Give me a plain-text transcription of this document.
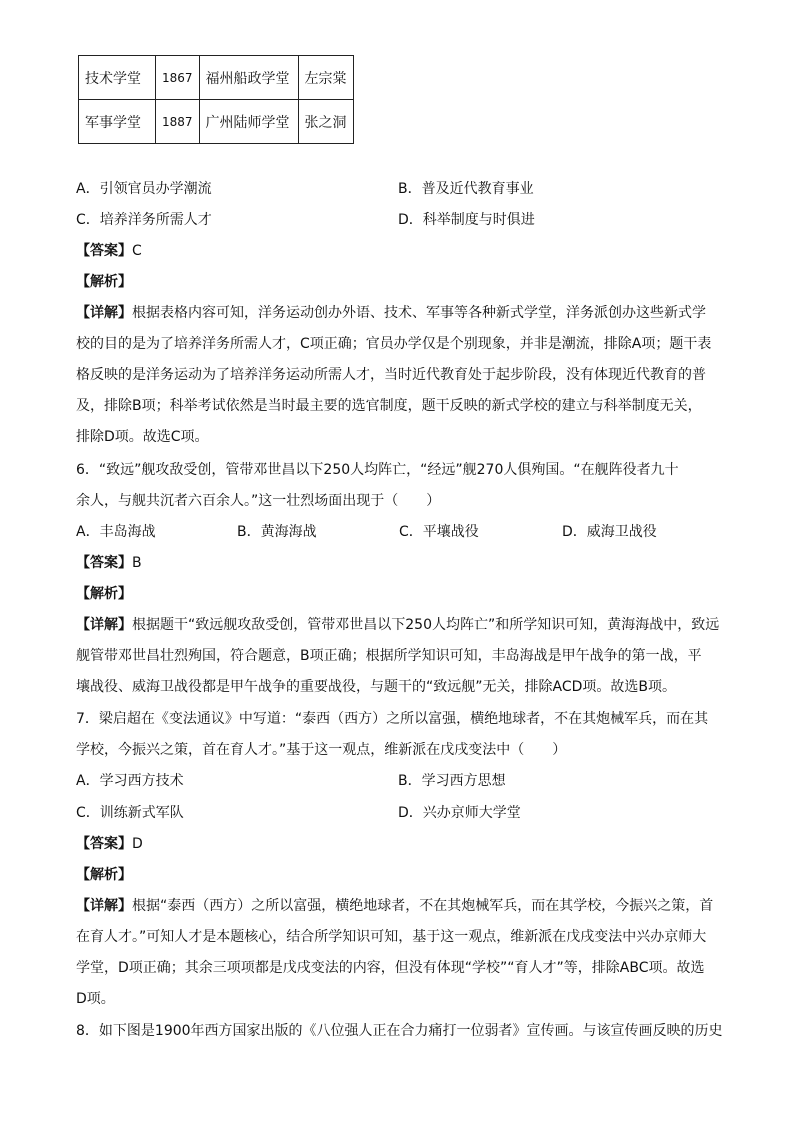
技术学堂	1867	福州船政学堂	左宗棠
军事学堂	1887	广州陆师学堂	张之洞
A．引领官员办学潮流	B．普及近代教育事业
C．培养洋务所需人才	D．科举制度与时俱进
【答案】C
【解析】
【详解】根据表格内容可知，洋务运动创办外语、技术、军事等各种新式学堂，洋务派创办这些新式学
校的目的是为了培养洋务所需人才，C项正确；官员办学仅是个别现象，并非是潮流，排除A项；题干表
格反映的是洋务运动为了培养洋务运动所需人才，当时近代教育处于起步阶段，没有体现近代教育的普
及，排除B项；科举考试依然是当时最主要的选官制度，题干反映的新式学校的建立与科举制度无关，
排除D项。故选C项。
6．“致远”舰攻敌受创，管带邓世昌以下250人均阵亡，“经远”舰270人俱殉国。“在舰阵役者九十
余人，与舰共沉者六百余人。”这一壮烈场面出现于（　　）
A．丰岛海战	B．黄海海战	C．平壤战役	D．威海卫战役
【答案】B
【解析】
【详解】根据题干“致远舰攻敌受创，管带邓世昌以下250人均阵亡”和所学知识可知，黄海海战中，致远
舰管带邓世昌壮烈殉国，符合题意，B项正确；根据所学知识可知，丰岛海战是甲午战争的第一战，平
壤战役、威海卫战役都是甲午战争的重要战役，与题干的“致远舰”无关，排除ACD项。故选B项。
7．梁启超在《变法通议》中写道：“泰西（西方）之所以富强，横绝地球者，不在其炮械军兵，而在其
学校，今振兴之策，首在育人才。”基于这一观点，维新派在戊戌变法中（　　）
A．学习西方技术	B．学习西方思想
C．训练新式军队	D．兴办京师大学堂
【答案】D
【解析】
【详解】根据“泰西（西方）之所以富强，横绝地球者，不在其炮械军兵，而在其学校，今振兴之策，首
在育人才。”可知人才是本题核心，结合所学知识可知，基于这一观点，维新派在戊戌变法中兴办京师大
学堂，D项正确；其余三项项都是戊戌变法的内容，但没有体现“学校”“育人才”等，排除ABC项。故选
D项。
8．如下图是1900年西方国家出版的《八位强人正在合力痛打一位弱者》宣传画。与该宣传画反映的历史
